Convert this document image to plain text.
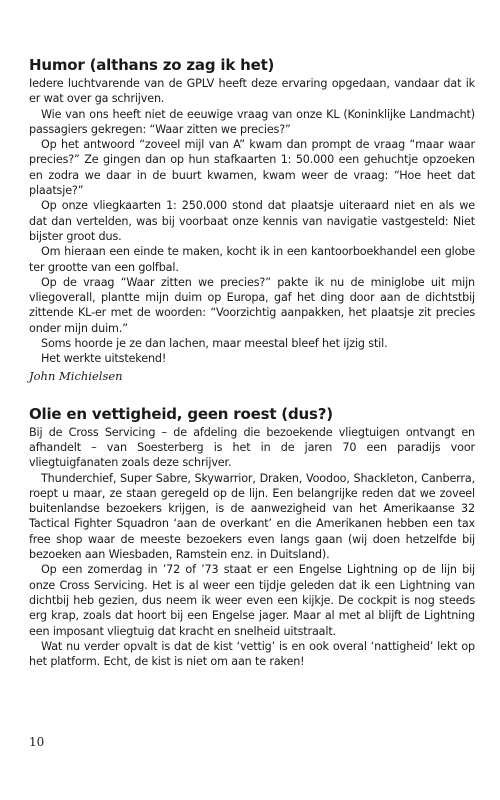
Humor (althans zo zag ik het)

Iedere luchtvarende van de GPLV heeft deze ervaring opgedaan, vandaar dat ik er wat over ga schrijven.

Wie van ons heeft niet de eeuwige vraag van onze KL (Koninklijke Landmacht) passagiers gekregen: “Waar zitten we precies?”

Op het antwoord “zoveel mijl van A” kwam dan prompt de vraag “maar waar precies?” Ze gingen dan op hun stafkaarten 1: 50.000 een gehuchtje opzoeken en zodra we daar in de buurt kwamen, kwam weer de vraag: “Hoe heet dat plaatsje?”

Op onze vliegkaarten 1: 250.000 stond dat plaatsje uiteraard niet en als we dat dan vertelden, was bij voorbaat onze kennis van navigatie vastgesteld: Niet bijster groot dus.

Om hieraan een einde te maken, kocht ik in een kantoorboekhandel een globe ter grootte van een golfbal.

Op de vraag “Waar zitten we precies?” pakte ik nu de miniglobe uit mijn vliegoverall, plantte mijn duim op Europa, gaf het ding door aan de dichtstbij zittende KL-er met de woorden: “Voorzichtig aanpakken, het plaatsje zit precies onder mijn duim.”

Soms hoorde je ze dan lachen, maar meestal bleef het ijzig stil.

Het werkte uitstekend!

John Michielsen

Olie en vettigheid, geen roest (dus?)

Bij de Cross Servicing – de afdeling die bezoekende vliegtuigen ontvangt en afhandelt – van Soesterberg is het in de jaren 70 een paradijs voor vliegtuigfanaten zoals deze schrijver.

Thunderchief, Super Sabre, Skywarrior, Draken, Voodoo, Shackleton, Canberra, roept u maar, ze staan geregeld op de lijn. Een belangrijke reden dat we zoveel buitenlandse bezoekers krijgen, is de aanwezigheid van het Amerikaanse 32 Tactical Fighter Squadron ‘aan de overkant’ en die Amerikanen hebben een tax free shop waar de meeste bezoekers even langs gaan (wij doen hetzelfde bij bezoeken aan Wiesbaden, Ramstein enz. in Duitsland).

Op een zomerdag in ’72 of ’73 staat er een Engelse Lightning op de lijn bij onze Cross Servicing. Het is al weer een tijdje geleden dat ik een Lightning van dichtbij heb gezien, dus neem ik weer even een kijkje. De cockpit is nog steeds erg krap, zoals dat hoort bij een Engelse jager. Maar al met al blijft de Lightning een imposant vliegtuig dat kracht en snelheid uitstraalt.

Wat nu verder opvalt is dat de kist ‘vettig’ is en ook overal ‘nattigheid’ lekt op het platform. Echt, de kist is niet om aan te raken!

10
